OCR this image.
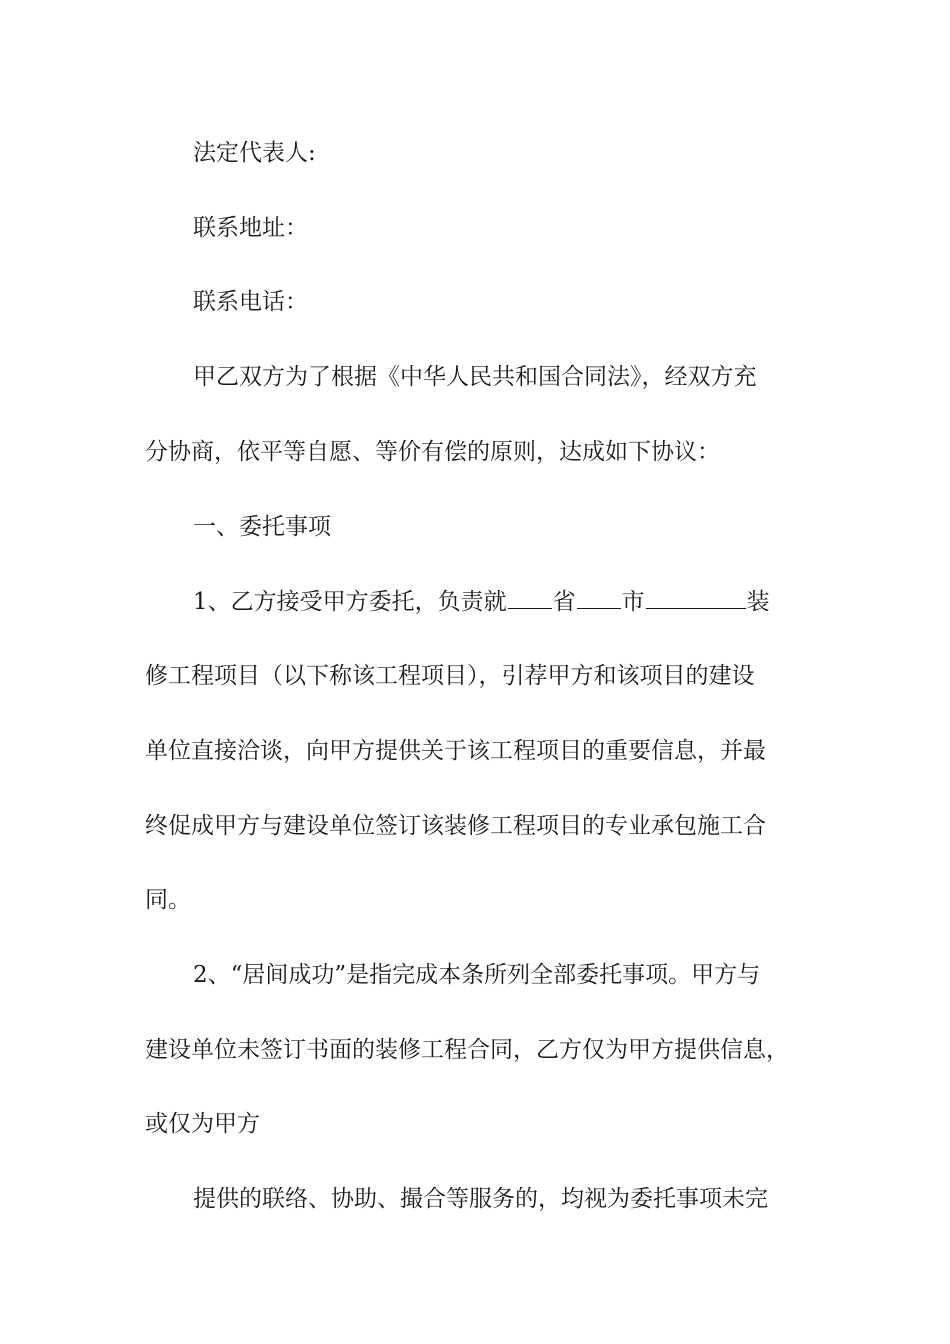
法定代表人:
联系地址：
联系电话：
甲乙双方为了根据《中华人民共和国合同法》，经双方充
分协商，依平等自愿、等价有偿的原则，达成如下协议：
一、委托事项
1、乙方接受甲方委托，负责就 省 市	装
修工程项目（以下称该工程项目），引荐甲方和该项目的建设
单位直接洽谈，向甲方提供关于该工程项目的重要信息，并最
终促成甲方与建设单位签订该装修工程项目的专业承包施工合
同。
2、“居间成功”是指完成本条所列全部委托事项。甲方与
建设单位未签订书面的装修工程合同，乙方仅为甲方提供信息，
或仅为甲方
提供的联络、协助、撮合等服务的，均视为委托事项未完
